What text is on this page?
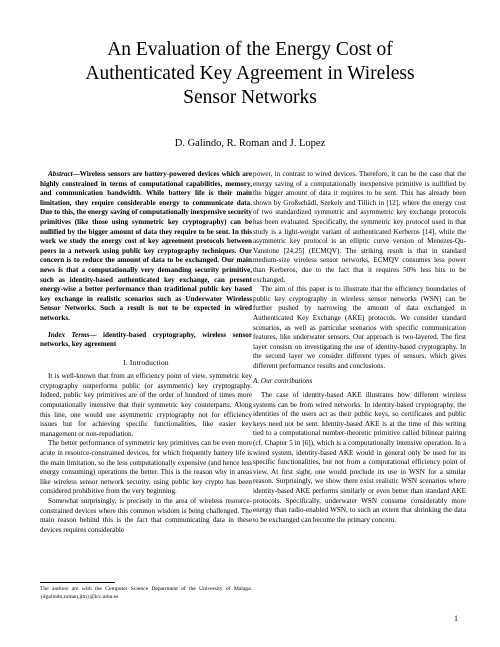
An Evaluation of the Energy Cost of
Authenticated Key Agreement in Wireless
Sensor Networks

D. Galindo, R. Roman and J. Lopez

Abstract—Wireless sensors are battery-powered devices which are highly constrained in terms of computational capabilities, memory, and communication bandwidth. While battery life is their main limitation, they require considerable energy to communicate data. Due to this, the energy saving of computationally inexpensive security primitives (like those using symmetric key cryptography) can be nullified by the bigger amount of data they require to be sent. In this work we study the energy cost of key agreement protocols between peers in a network using public key cryptography techniques. Our concern is to reduce the amount of data to be exchanged. Our main news is that a computationally very demanding security primitive, such as identity-based authenticated key exchange, can present energy-wise a better performance than traditional public key based key exchange in realistic scenarios such as Underwater Wireless Sensor Networks. Such a result is not to be expected in wired networks.

Index Terms— identity-based cryptography, wireless sensor networks, key agreement

I. Introduction

It is well-known that from an efficiency point of view, symmetric key cryptography outperforms public (or asymmetric) key cryptography. Indeed, public key primitives are of the order of hundred of times more computationally intensive that their symmetric key counterparts. Along this line, one would use asymmetric cryptography not for efficiency issues but for achieving specific functionalities, like easier key management or non-repudiation.

The better performance of symmetric key primitives can be even more acute in resource-constrained devices, for which frequently battery life is the main limitation, so the less computationally expensive (and hence less energy consuming) operations the better. This is the reason why in areas like wireless sensor network security, using public key crypto has been considered prohibitive from the very beginning.

Somewhat surprisingly, is precisely in the area of wireless resource-constrained devices where this common wisdom is being challenged. The main reason behind this is the fact that communicating data in these devices requires considerable

power, in contrast to wired devices. Therefore, it can be the case that the energy saving of a computationally inexpensive primitive is nullified by the bigger amount of data it requires to be sent. This has already been shown by Großschädl, Szekely and Tillich in [12], where the energy cost of two standardized symmetric and asymmetric key exchange protocols has been evaluated. Specifically, the symmetric key protocol used in that study is a light-weight variant of authenticated Kerberos [14], while the asymmetric key protocol is an elliptic curve version of Menezes-Qu-Vanstone [24,25] (ECMQV). The striking result is that in standard medium-size wireless sensor networks, ECMQV consumes less power than Kerberos, due to the fact that it requires 50% less bits to be exchanged.

The aim of this paper is to illustrate that the efficiency boundaries of public key cryptography in wireless sensor networks (WSN) can be further pushed by narrowing the amount of data exchanged in Authenticated Key Exchange (AKE) protocols. We consider standard scenarios, as well as particular scenarios with specific communication features, like underwater sensors. Our approach is two-layered. The first layer consists on investigating the use of identity-based cryptography. In the second layer we consider different types of sensors, which gives different performance results and conclusions.

A. Our contributions

The case of identity-based AKE illustrates how different wireless systems can be from wired networks. In identity-based cryptography, the identities of the users act as their public keys, so certificates and public keys need not be sent. Identity-based AKE is at the time of this writing tied to a computational number-theoretic primitive called bilinear pairing (cf. Chapter 5 in [6]), which is a computationally intensive operation. In a wired system, identity-based AKE would in general only be used for its specific functionalities, but not from a computational efficiency point of view. At first sight, one would preclude its use in WSN for a similar reason. Surprisingly, we show there exist realistic WSN scenarios where identity-based AKE performs similarly or even better than standard AKE protocols. Specifically, underwater WSN consume considerably more energy than radio-enabled WSN, to such an extent that shrinking the data to be exchanged can become the primary concern.

The authors are with the Computer Science Department of the University of Malaga. {dgalindo,roman,jlm}@lcc.uma.es

1
